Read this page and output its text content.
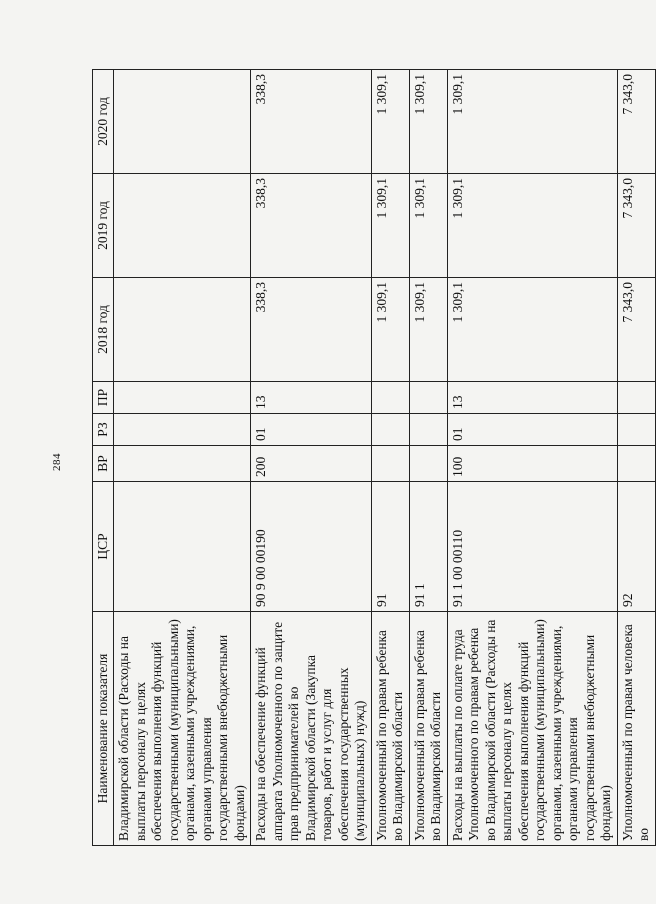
284
Наименование показателя	ЦСР	ВР	РЗ	ПР	2018 год	2019 год	2020 год
Владимирской области (Расходы на выплаты персоналу в целях обеспечения выполнения функций государственными (муниципальными) органами, казенными учреждениями, органами управления государственными внебюджетными фондами)							
Расходы на обеспечение функций аппарата Уполномоченного по защите прав предпринимателей во Владимирской области (Закупка товаров, работ и услуг для обеспечения государственных (муниципальных) нужд)	90 9 00 00190	200	01	13	338,3	338,3	338,3
Уполномоченный по правам ребенка во Владимирской области	91				1 309,1	1 309,1	1 309,1
Уполномоченный по правам ребенка во Владимирской области	91 1				1 309,1	1 309,1	1 309,1
Расходы на выплаты по оплате труда Уполномоченного по правам ребенка во Владимирской области (Расходы на выплаты персоналу в целях обеспечения выполнения функций государственными (муниципальными) органами, казенными учреждениями, органами управления государственными внебюджетными фондами)	91 1 00 00110	100	01	13	1 309,1	1 309,1	1 309,1
Уполномоченный по правам человека во	92				7 343,0	7 343,0	7 343,0
